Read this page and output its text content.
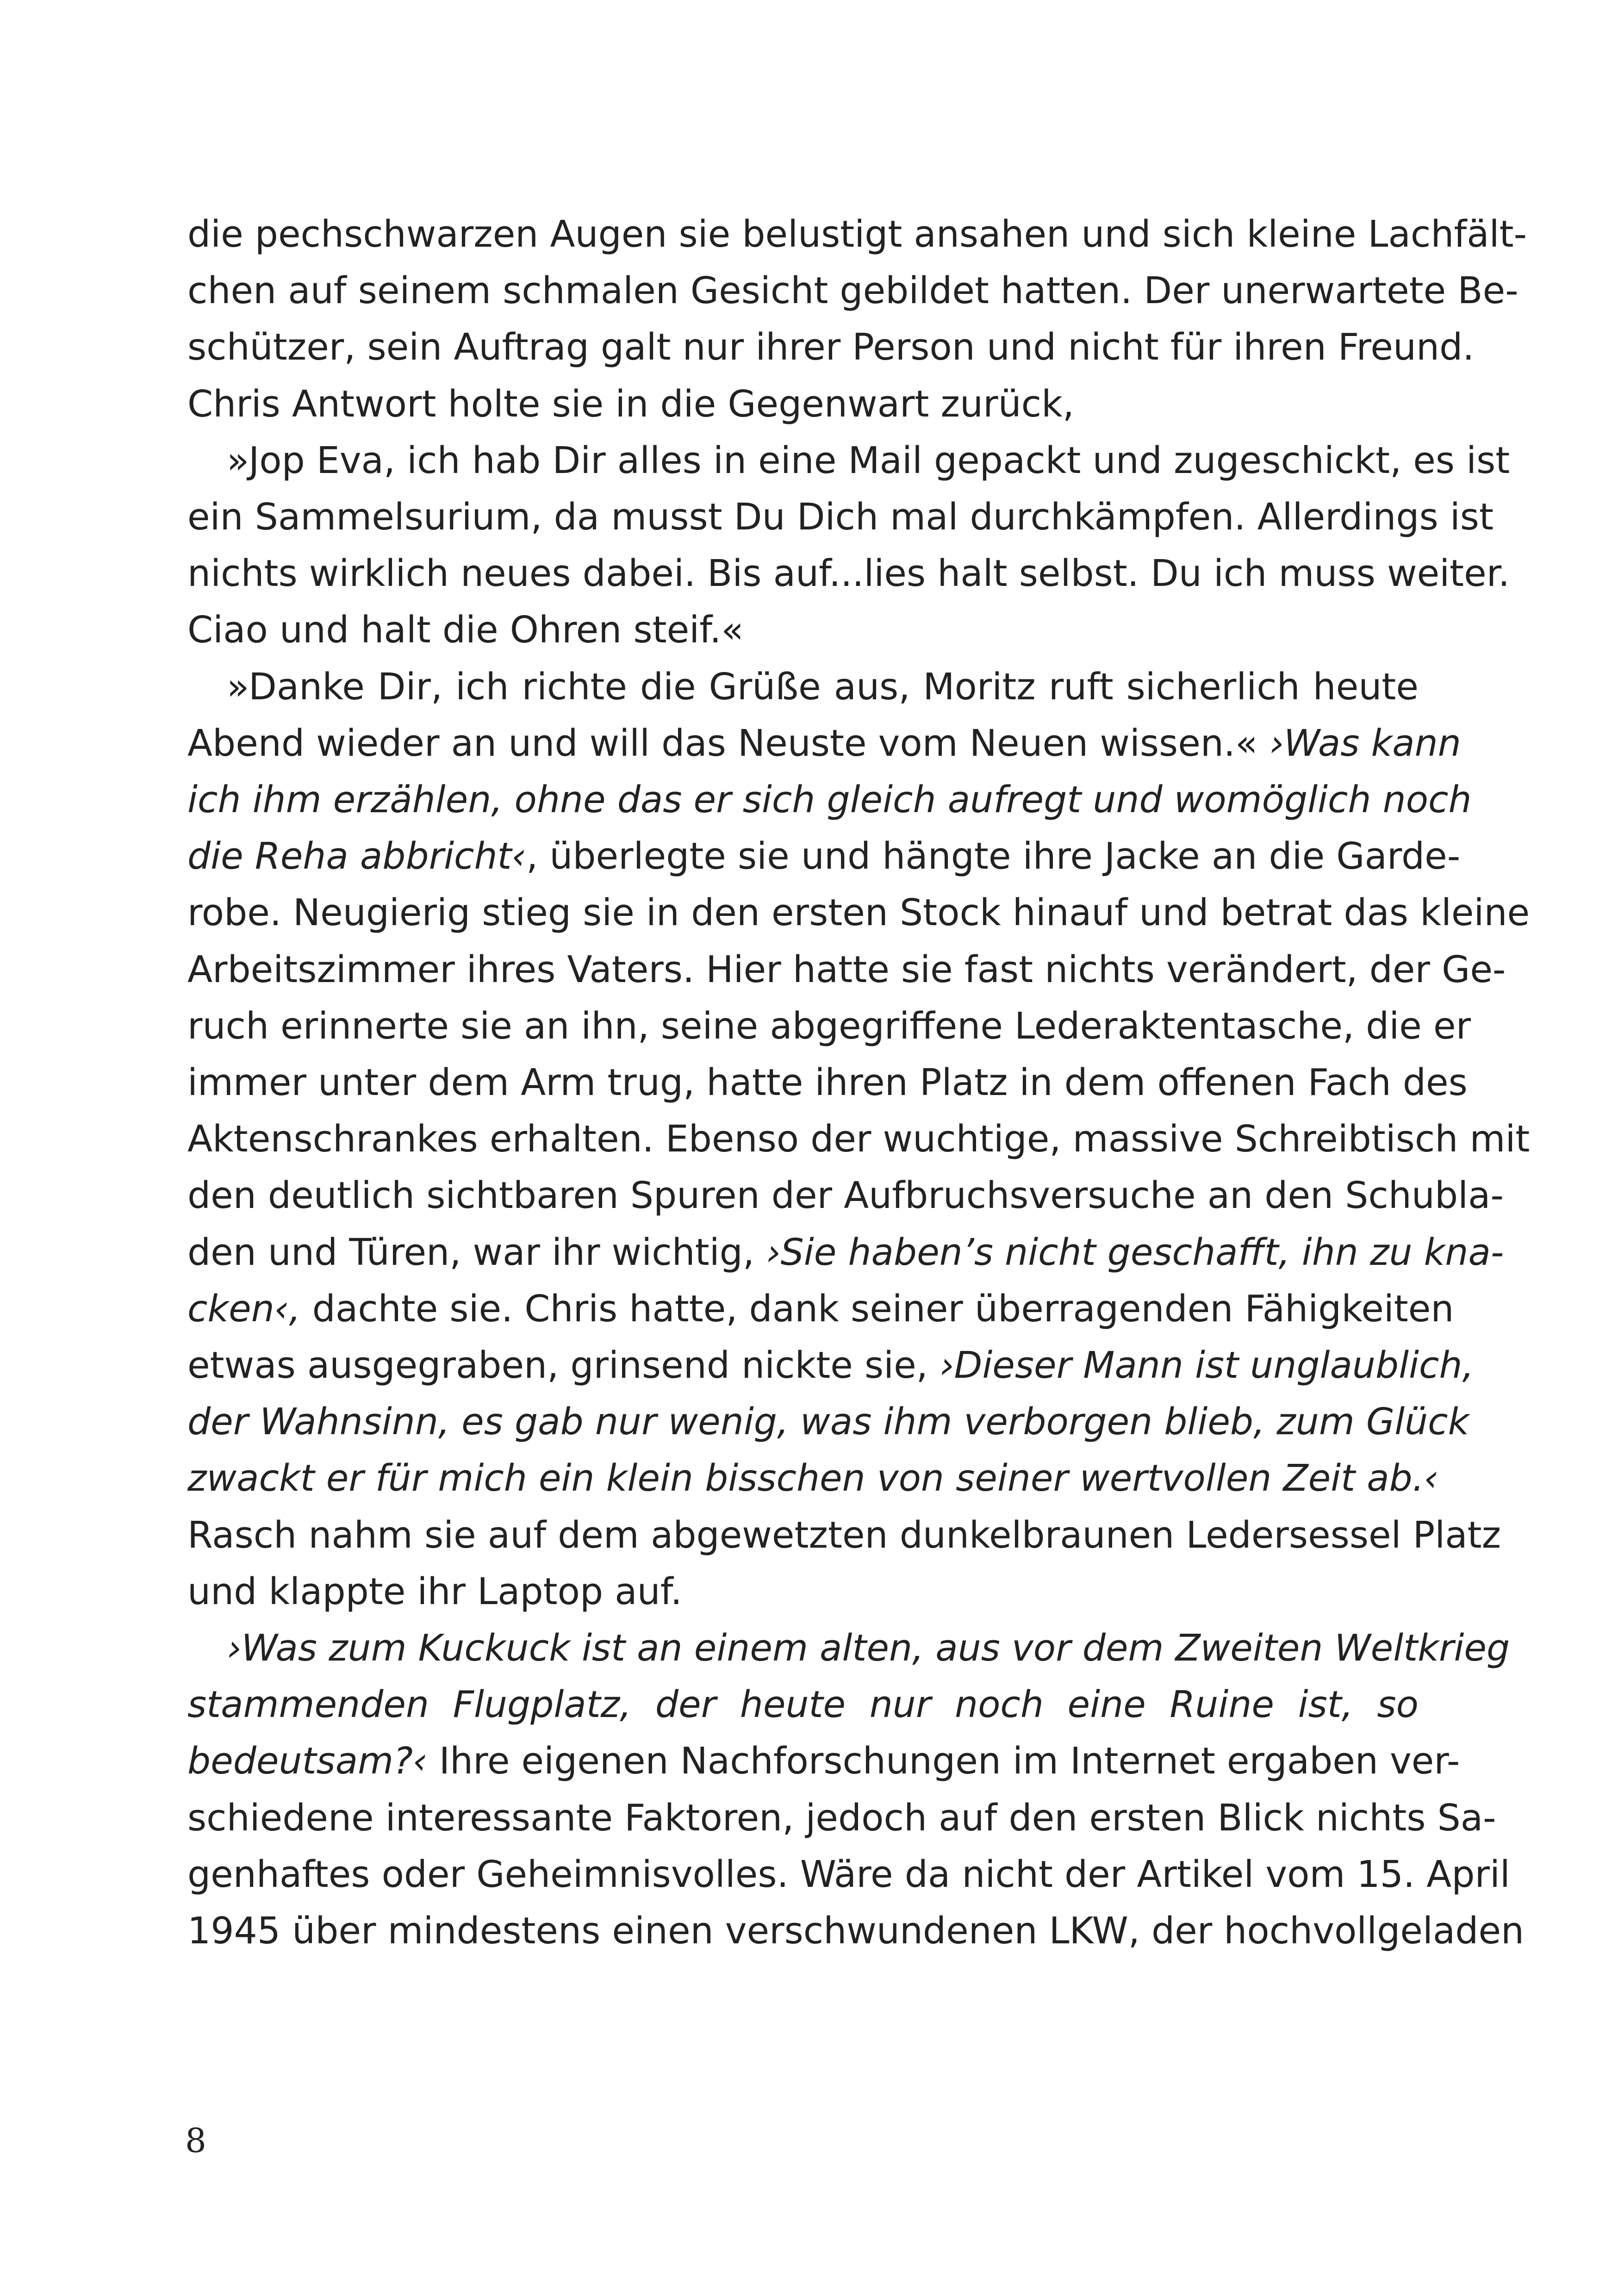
die pechschwarzen Augen sie belustigt ansahen und sich kleine Lachfält-
chen auf seinem schmalen Gesicht gebildet hatten. Der unerwartete Be-
schützer, sein Auftrag galt nur ihrer Person und nicht für ihren Freund.
Chris Antwort holte sie in die Gegenwart zurück,
»Jop Eva, ich hab Dir alles in eine Mail gepackt und zugeschickt, es ist
ein Sammelsurium, da musst Du Dich mal durchkämpfen. Allerdings ist
nichts wirklich neues dabei. Bis auf...lies halt selbst. Du ich muss weiter.
Ciao und halt die Ohren steif.«
»Danke Dir, ich richte die Grüße aus, Moritz ruft sicherlich heute
Abend wieder an und will das Neuste vom Neuen wissen.« ›Was kann
ich ihm erzählen, ohne das er sich gleich aufregt und womöglich noch
die Reha abbricht‹, überlegte sie und hängte ihre Jacke an die Garde-
robe. Neugierig stieg sie in den ersten Stock hinauf und betrat das kleine
Arbeitszimmer ihres Vaters. Hier hatte sie fast nichts verändert, der Ge-
ruch erinnerte sie an ihn, seine abgegriffene Lederaktentasche, die er
immer unter dem Arm trug, hatte ihren Platz in dem offenen Fach des
Aktenschrankes erhalten. Ebenso der wuchtige, massive Schreibtisch mit
den deutlich sichtbaren Spuren der Aufbruchsversuche an den Schubla-
den und Türen, war ihr wichtig, ›Sie haben’s nicht geschafft, ihn zu kna-
cken‹, dachte sie. Chris hatte, dank seiner überragenden Fähigkeiten
etwas ausgegraben, grinsend nickte sie, ›Dieser Mann ist unglaublich,
der Wahnsinn, es gab nur wenig, was ihm verborgen blieb, zum Glück
zwackt er für mich ein klein bisschen von seiner wertvollen Zeit ab.‹
Rasch nahm sie auf dem abgewetzten dunkelbraunen Ledersessel Platz
und klappte ihr Laptop auf.
›Was zum Kuckuck ist an einem alten, aus vor dem Zweiten Weltkrieg
stammenden Flugplatz, der heute nur noch eine Ruine ist, so
bedeutsam?‹ Ihre eigenen Nachforschungen im Internet ergaben ver-
schiedene interessante Faktoren, jedoch auf den ersten Blick nichts Sa-
genhaftes oder Geheimnisvolles. Wäre da nicht der Artikel vom 15. April
1945 über mindestens einen verschwundenen LKW, der hochvollgeladen
8
